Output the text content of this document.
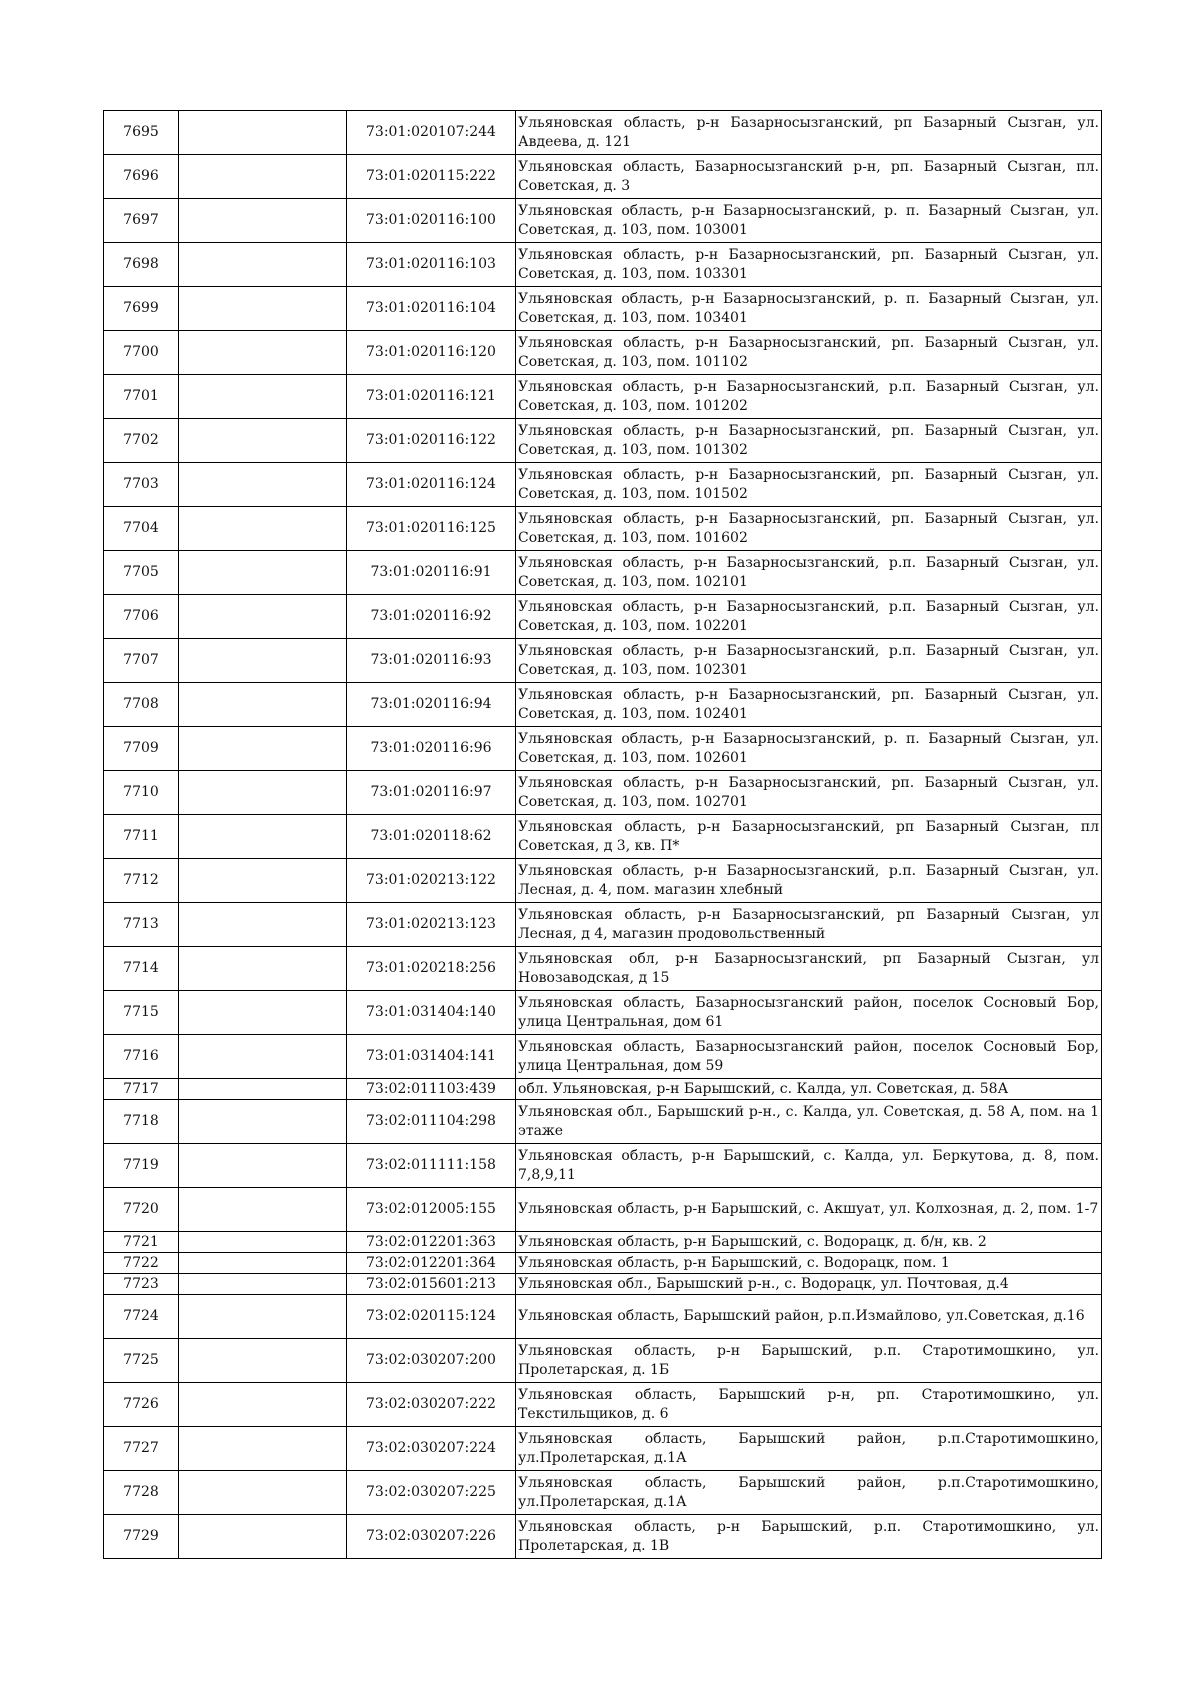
7695		73:01:020107:244	Ульяновская область, р-н Базарносызганский, рп Базарный Сызган, ул. Авдеева, д. 121
7696		73:01:020115:222	Ульяновская область, Базарносызганский р-н, рп. Базарный Сызган, пл. Советская, д. 3
7697		73:01:020116:100	Ульяновская область, р-н Базарносызганский, р. п. Базарный Сызган, ул. Советская, д. 103, пом. 103001
7698		73:01:020116:103	Ульяновская область, р-н Базарносызганский, рп. Базарный Сызган, ул. Советская, д. 103, пом. 103301
7699		73:01:020116:104	Ульяновская область, р-н Базарносызганский, р. п. Базарный Сызган, ул. Советская, д. 103, пом. 103401
7700		73:01:020116:120	Ульяновская область, р-н Базарносызганский, рп. Базарный Сызган, ул. Советская, д. 103, пом. 101102
7701		73:01:020116:121	Ульяновская область, р-н Базарносызганский, р.п. Базарный Сызган, ул. Советская, д. 103, пом. 101202
7702		73:01:020116:122	Ульяновская область, р-н Базарносызганский, рп. Базарный Сызган, ул. Советская, д. 103, пом. 101302
7703		73:01:020116:124	Ульяновская область, р-н Базарносызганский, рп. Базарный Сызган, ул. Советская, д. 103, пом. 101502
7704		73:01:020116:125	Ульяновская область, р-н Базарносызганский, рп. Базарный Сызган, ул. Советская, д. 103, пом. 101602
7705		73:01:020116:91	Ульяновская область, р-н Базарносызганский, р.п. Базарный Сызган, ул. Советская, д. 103, пом. 102101
7706		73:01:020116:92	Ульяновская область, р-н Базарносызганский, р.п. Базарный Сызган, ул. Советская, д. 103, пом. 102201
7707		73:01:020116:93	Ульяновская область, р-н Базарносызганский, р.п. Базарный Сызган, ул. Советская, д. 103, пом. 102301
7708		73:01:020116:94	Ульяновская область, р-н Базарносызганский, рп. Базарный Сызган, ул. Советская, д. 103, пом. 102401
7709		73:01:020116:96	Ульяновская область, р-н Базарносызганский, р. п. Базарный Сызган, ул. Советская, д. 103, пом. 102601
7710		73:01:020116:97	Ульяновская область, р-н Базарносызганский, рп. Базарный Сызган, ул. Советская, д. 103, пом. 102701
7711		73:01:020118:62	Ульяновская область, р-н Базарносызганский, рп Базарный Сызган, пл Советская, д 3, кв. П*
7712		73:01:020213:122	Ульяновская область, р-н Базарносызганский, р.п. Базарный Сызган, ул. Лесная, д. 4, пом. магазин хлебный
7713		73:01:020213:123	Ульяновская область, р-н Базарносызганский, рп Базарный Сызган, ул Лесная, д 4, магазин продовольственный
7714		73:01:020218:256	Ульяновская обл, р-н Базарносызганский, рп Базарный Сызган, ул Новозаводская, д 15
7715		73:01:031404:140	Ульяновская область, Базарносызганский район, поселок Сосновый Бор, улица Центральная, дом 61
7716		73:01:031404:141	Ульяновская область, Базарносызганский район, поселок Сосновый Бор, улица Центральная, дом 59
7717		73:02:011103:439	обл. Ульяновская, р-н Барышский, с. Калда, ул. Советская, д. 58А
7718		73:02:011104:298	Ульяновская обл., Барышский р-н., с. Калда, ул. Советская, д. 58 А, пом. на 1 этаже
7719		73:02:011111:158	Ульяновская область, р-н Барышский, с. Калда, ул. Беркутова, д. 8, пом. 7,8,9,11
7720		73:02:012005:155	Ульяновская область, р-н Барышский, с. Акшуат, ул. Колхозная, д. 2, пом. 1-7
7721		73:02:012201:363	Ульяновская область, р-н Барышский, с. Водорацк, д. б/н, кв. 2
7722		73:02:012201:364	Ульяновская область, р-н Барышский, с. Водорацк, пом. 1
7723		73:02:015601:213	Ульяновская обл., Барышский р-н., с. Водорацк, ул. Почтовая, д.4
7724		73:02:020115:124	Ульяновская область, Барышский район, р.п.Измайлово, ул.Советская, д.16
7725		73:02:030207:200	Ульяновская область, р-н Барышский, р.п. Старотимошкино, ул. Пролетарская, д. 1Б
7726		73:02:030207:222	Ульяновская область, Барышский р-н, рп. Старотимошкино, ул. Текстильщиков, д. 6
7727		73:02:030207:224	Ульяновская область, Барышский район, р.п.Старотимошкино, ул.Пролетарская, д.1А
7728		73:02:030207:225	Ульяновская область, Барышский район, р.п.Старотимошкино, ул.Пролетарская, д.1А
7729		73:02:030207:226	Ульяновская область, р-н Барышский, р.п. Старотимошкино, ул. Пролетарская, д. 1В
